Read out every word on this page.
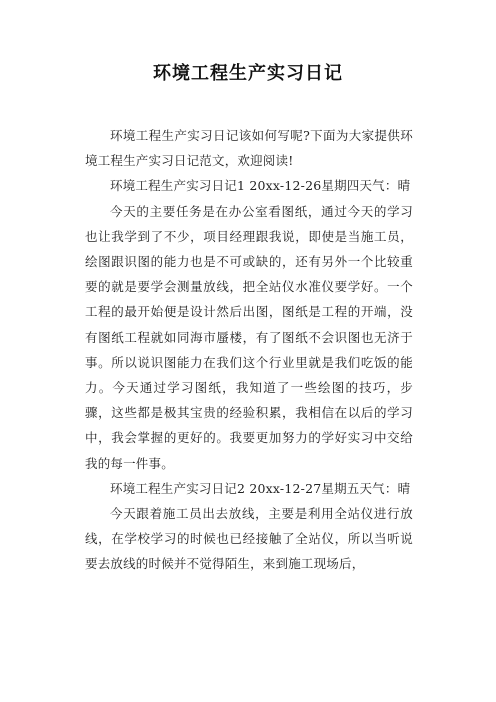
环境工程生产实习日记

环境工程生产实习日记该如何写呢?下面为大家提供环境工程生产实习日记范文，欢迎阅读!

环境工程生产实习日记1 20xx-12-26星期四天气：晴

今天的主要任务是在办公室看图纸，通过今天的学习也让我学到了不少，项目经理跟我说，即使是当施工员，绘图跟识图的能力也是不可或缺的，还有另外一个比较重要的就是要学会测量放线，把全站仪水准仪要学好。一个工程的最开始便是设计然后出图，图纸是工程的开端，没有图纸工程就如同海市蜃楼，有了图纸不会识图也无济于事。所以说识图能力在我们这个行业里就是我们吃饭的能力。今天通过学习图纸，我知道了一些绘图的技巧，步骤，这些都是极其宝贵的经验积累，我相信在以后的学习中，我会掌握的更好的。我要更加努力的学好实习中交给我的每一件事。

环境工程生产实习日记2 20xx-12-27星期五天气：晴

今天跟着施工员出去放线，主要是利用全站仪进行放线，在学校学习的时候也已经接触了全站仪，所以当听说要去放线的时候并不觉得陌生，来到施工现场后，
